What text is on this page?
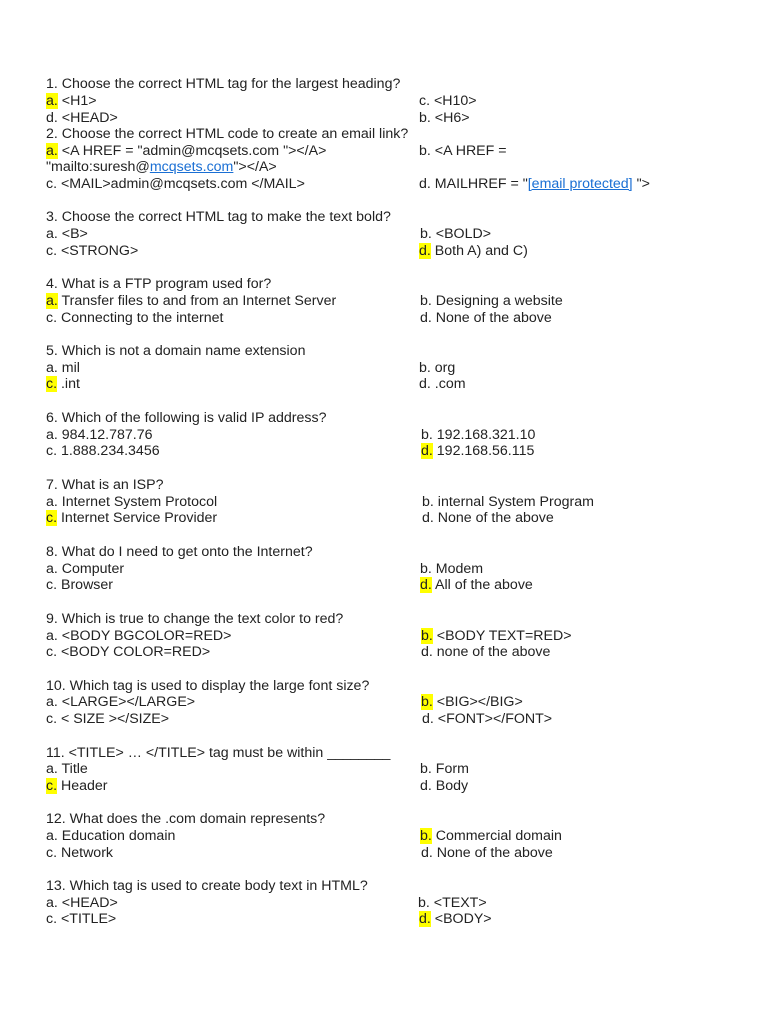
1. Choose the correct HTML tag for the largest heading?
a. <H1>	c. <H10>
d. <HEAD>	b. <H6>
2. Choose the correct HTML code to create an email link?
a. <A HREF = "admin@mcqsets.com "></A>	b. <A HREF =
"mailto:suresh@mcqsets.com"></A>
c. <MAIL>admin@mcqsets.com </MAIL>	d. MAILHREF = "[email protected] ">
3. Choose the correct HTML tag to make the text bold?
a. <B>	b. <BOLD>
c. <STRONG>	d. Both A) and C)
4. What is a FTP program used for?
a. Transfer files to and from an Internet Server	b. Designing a website
c. Connecting to the internet	d. None of the above
5. Which is not a domain name extension
a. mil	b. org
c. .int	d. .com
6. Which of the following is valid IP address?
a. 984.12.787.76	b. 192.168.321.10
c. 1.888.234.3456	d. 192.168.56.115
7. What is an ISP?
a. Internet System Protocol	b. internal System Program
c. Internet Service Provider	d. None of the above
8. What do I need to get onto the Internet?
a. Computer	b. Modem
c. Browser	d. All of the above
9. Which is true to change the text color to red?
a. <BODY BGCOLOR=RED>	b. <BODY TEXT=RED>
c. <BODY COLOR=RED>	d. none of the above
10. Which tag is used to display the large font size?
a. <LARGE></LARGE>	b. <BIG></BIG>
c. < SIZE ></SIZE>	d. <FONT></FONT>
11. <TITLE> … </TITLE> tag must be within ________
a. Title	b. Form
c. Header	d. Body
12. What does the .com domain represents?
a. Education domain	b. Commercial domain
c. Network	d. None of the above
13. Which tag is used to create body text in HTML?
a. <HEAD>	b. <TEXT>
c. <TITLE>	d. <BODY>
